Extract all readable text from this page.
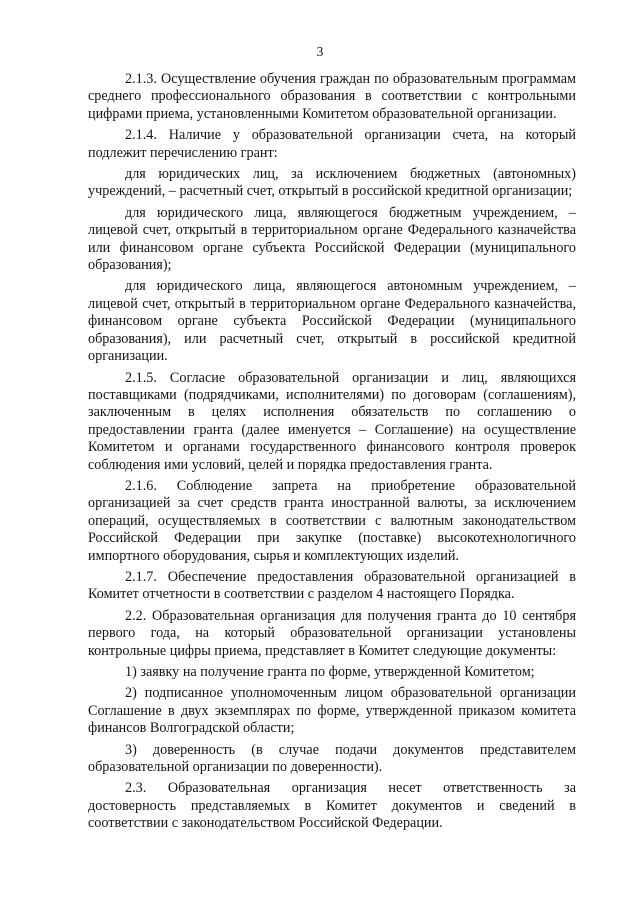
3

2.1.3. Осуществление обучения граждан по образовательным программам среднего профессионального образования в соответствии с контрольными цифрами приема, установленными Комитетом образовательной организации.

2.1.4. Наличие у образовательной организации счета, на который подлежит перечислению грант:

для юридических лиц, за исключением бюджетных (автономных) учреждений, – расчетный счет, открытый в российской кредитной организации;

для юридического лица, являющегося бюджетным учреждением, – лицевой счет, открытый в территориальном органе Федерального казначейства или финансовом органе субъекта Российской Федерации (муниципального образования);

для юридического лица, являющегося автономным учреждением, – лицевой счет, открытый в территориальном органе Федерального казначейства, финансовом органе субъекта Российской Федерации (муниципального образования), или расчетный счет, открытый в российской кредитной организации.

2.1.5. Согласие образовательной организации и лиц, являющихся поставщиками (подрядчиками, исполнителями) по договорам (соглашениям), заключенным в целях исполнения обязательств по соглашению о предоставлении гранта (далее именуется – Соглашение) на осуществление Комитетом и органами государственного финансового контроля проверок соблюдения ими условий, целей и порядка предоставления гранта.

2.1.6. Соблюдение запрета на приобретение образовательной организацией за счет средств гранта иностранной валюты, за исключением операций, осуществляемых в соответствии с валютным законодательством Российской Федерации при закупке (поставке) высокотехнологичного импортного оборудования, сырья и комплектующих изделий.

2.1.7. Обеспечение предоставления образовательной организацией в Комитет отчетности в соответствии с разделом 4 настоящего Порядка.

2.2. Образовательная организация для получения гранта до 10 сентября первого года, на который образовательной организации установлены контрольные цифры приема, представляет в Комитет следующие документы:

1) заявку на получение гранта по форме, утвержденной Комитетом;

2) подписанное уполномоченным лицом образовательной организации Соглашение в двух экземплярах по форме, утвержденной приказом комитета финансов Волгоградской области;

3) доверенность (в случае подачи документов представителем образовательной организации по доверенности).

2.3. Образовательная организация несет ответственность за достоверность представляемых в Комитет документов и сведений в соответствии с законодательством Российской Федерации.
